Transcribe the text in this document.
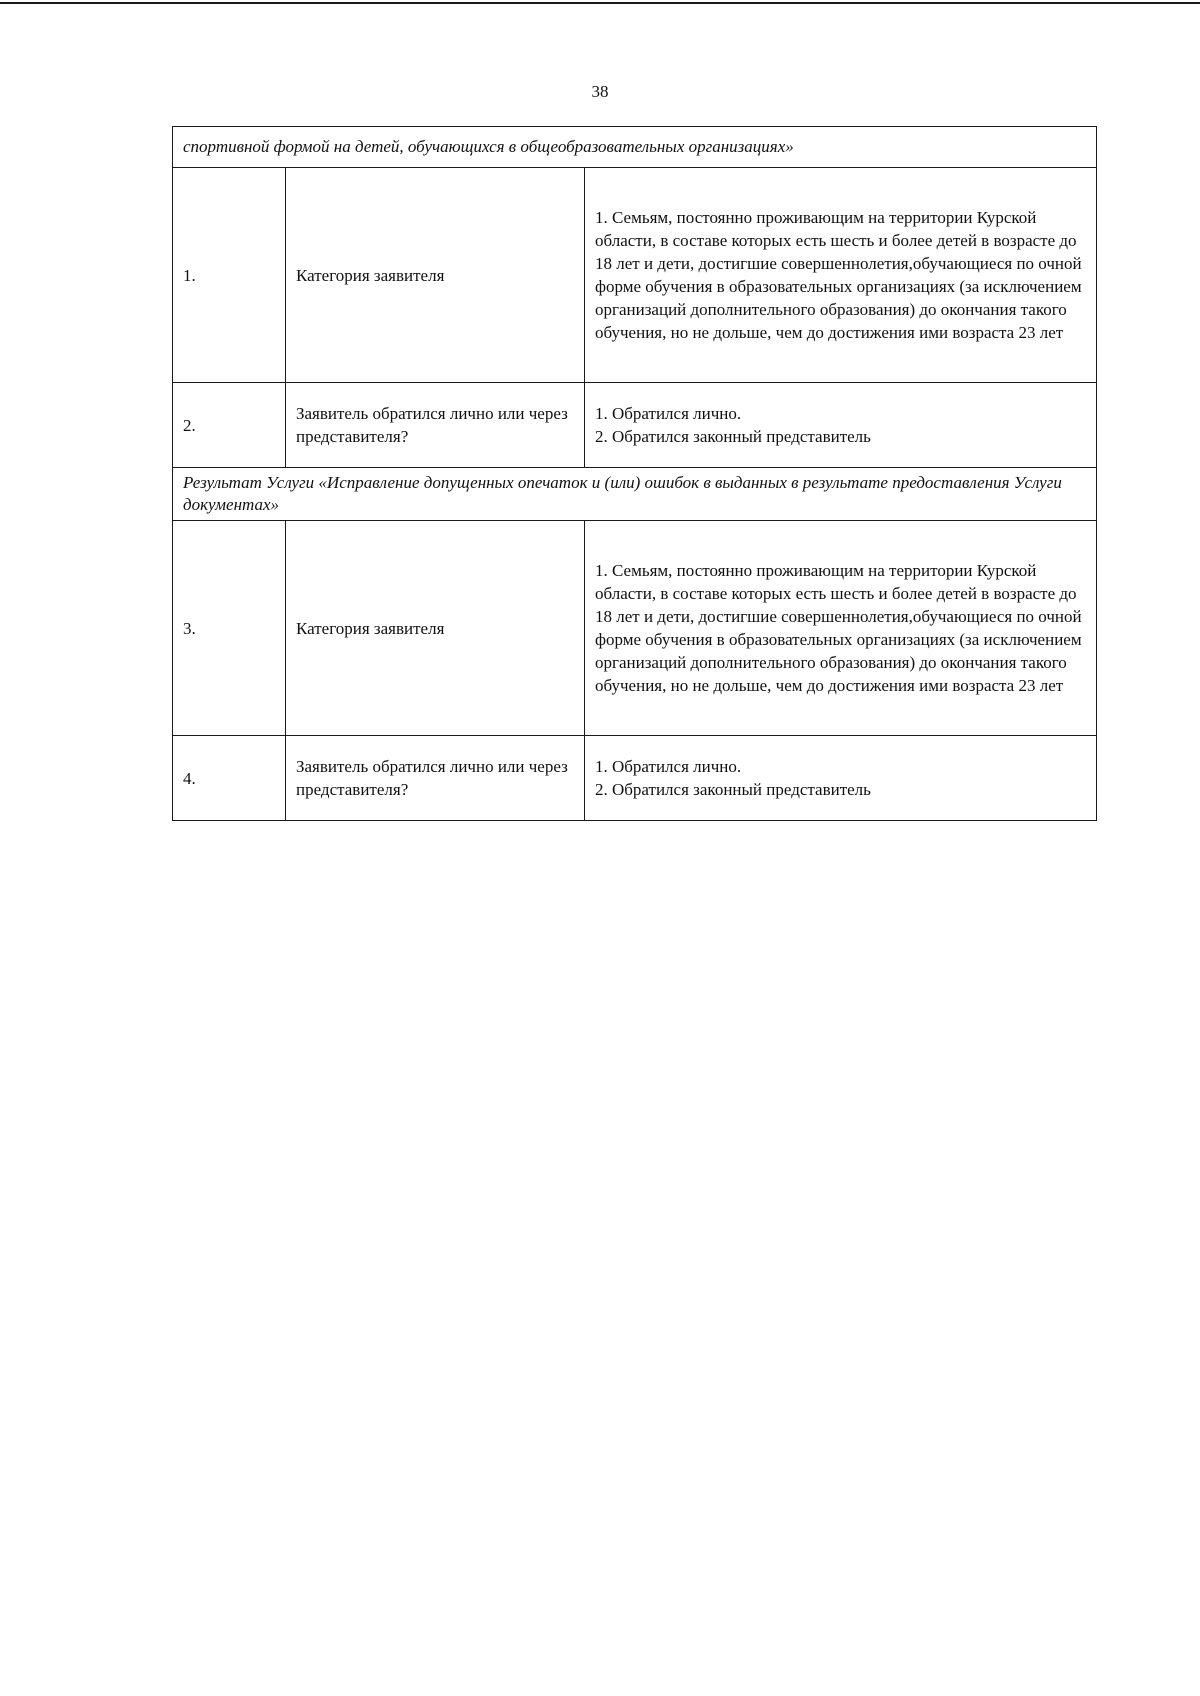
38
спортивной формой на детей, обучающихся в общеобразовательных организациях»		
1.	Категория заявителя	1. Семьям, постоянно проживающим на территории Курской области, в составе которых есть шесть и более детей в возрасте до 18 лет и дети, достигшие совершеннолетия,обучающиеся по очной форме обучения в образовательных организациях (за исключением организаций дополнительного образования) до окончания такого обучения, но не дольше, чем до достижения ими возраста 23 лет

2.	Заявитель обратился лично или через представителя?	1. Обратился лично.
2. Обратился законный представитель

Результат Услуги «Исправление допущенных опечаток и (или) ошибок в выданных в результате предоставления Услуги документах»		
3.	Категория заявителя	1. Семьям, постоянно проживающим на территории Курской области, в составе которых есть шесть и более детей в возрасте до 18 лет и дети, достигшие совершеннолетия,обучающиеся по очной форме обучения в образовательных организациях (за исключением организаций дополнительного образования) до окончания такого обучения, но не дольше, чем до достижения ими возраста 23 лет

4.	Заявитель обратился лично или через представителя?	1. Обратился лично.
2. Обратился законный представитель
